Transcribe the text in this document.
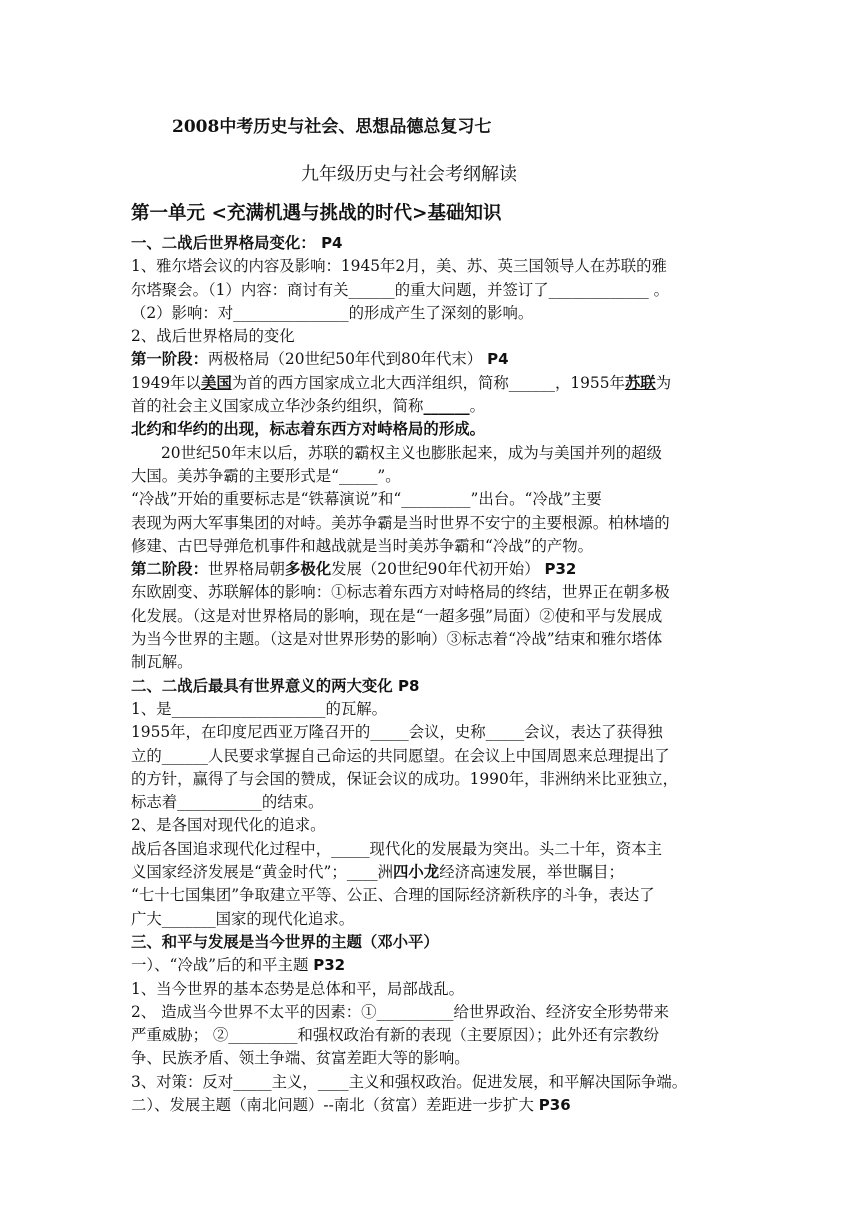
2008中考历史与社会、思想品德总复习七
九年级历史与社会考纲解读
第一单元 <充满机遇与挑战的时代>基础知识
一、二战后世界格局变化： P4
1、雅尔塔会议的内容及影响：1945年2月，美、苏、英三国领导人在苏联的雅
尔塔聚会。（1）内容：商讨有关______的重大问题，并签订了_____________ 。
（2）影响：对_______________的形成产生了深刻的影响。
2、战后世界格局的变化
第一阶段：两极格局（20世纪50年代到80年代末） P4
1949年以美国为首的西方国家成立北大西洋组织，简称______，1955年苏联为
首的社会主义国家成立华沙条约组织，简称______。
北约和华约的出现，标志着东西方对峙格局的形成。
20世纪50年末以后，苏联的霸权主义也膨胀起来，成为与美国并列的超级
大国。美苏争霸的主要形式是“_____”。
“冷战”开始的重要标志是“铁幕演说”和“_________”出台。“冷战”主要
表现为两大军事集团的对峙。美苏争霸是当时世界不安宁的主要根源。柏林墙的
修建、古巴导弹危机事件和越战就是当时美苏争霸和“冷战”的产物。
第二阶段：世界格局朝多极化发展（20世纪90年代初开始） P32
东欧剧变、苏联解体的影响：①标志着东西方对峙格局的终结，世界正在朝多极
化发展。（这是对世界格局的影响，现在是“一超多强”局面）②使和平与发展成
为当今世界的主题。（这是对世界形势的影响）③标志着“冷战”结束和雅尔塔体
制瓦解。
二、二战后最具有世界意义的两大变化 P8
1、是____________________的瓦解。
1955年，在印度尼西亚万隆召开的_____会议，史称_____会议，表达了获得独
立的______人民要求掌握自己命运的共同愿望。在会议上中国周恩来总理提出了
的方针，赢得了与会国的赞成，保证会议的成功。1990年，非洲纳米比亚独立，
标志着___________的结束。
2、是各国对现代化的追求。
战后各国追求现代化过程中，_____现代化的发展最为突出。头二十年，资本主
义国家经济发展是“黄金时代”；____洲四小龙经济高速发展，举世瞩目；
“七十七国集团”争取建立平等、公正、合理的国际经济新秩序的斗争，表达了
广大_______国家的现代化追求。
三、和平与发展是当今世界的主题（邓小平）
一）、“冷战”后的和平主题 P32
1、当今世界的基本态势是总体和平，局部战乱。
2、 造成当今世界不太平的因素：①__________给世界政治、经济安全形势带来
严重威胁； ②_________和强权政治有新的表现（主要原因）；此外还有宗教纷
争、民族矛盾、领土争端、贫富差距大等的影响。
3、对策：反对_____主义，____主义和强权政治。促进发展，和平解决国际争端。
二）、发展主题（南北问题）--南北（贫富）差距进一步扩大 P36
